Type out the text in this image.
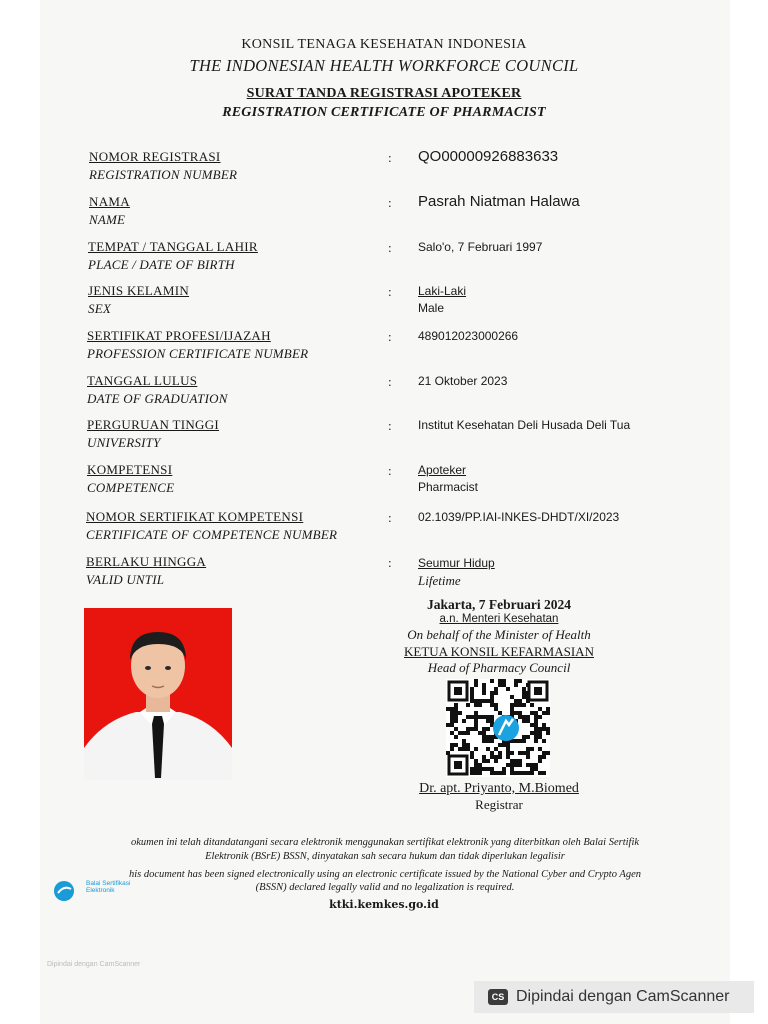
KONSIL TENAGA KESEHATAN INDONESIA
THE INDONESIAN HEALTH WORKFORCE COUNCIL
SURAT TANDA REGISTRASI APOTEKER
REGISTRATION CERTIFICATE OF PHARMACIST
NOMOR REGISTRASI
REGISTRATION NUMBER
: QO00000926883633
NAMA
NAME
: Pasrah Niatman Halawa
TEMPAT / TANGGAL LAHIR
PLACE / DATE OF BIRTH
: Salo'o, 7 Februari 1997
JENIS KELAMIN
SEX
: Laki-Laki
Male
SERTIFIKAT PROFESI/IJAZAH
PROFESSION CERTIFICATE NUMBER
: 489012023000266
TANGGAL LULUS
DATE OF GRADUATION
: 21 Oktober 2023
PERGURUAN TINGGI
UNIVERSITY
: Institut Kesehatan Deli Husada Deli Tua
KOMPETENSI
COMPETENCE
: Apoteker
Pharmacist
NOMOR SERTIFIKAT KOMPETENSI
CERTIFICATE OF COMPETENCE NUMBER
: 02.1039/PP.IAI-INKES-DHDT/XI/2023
BERLAKU HINGGA
VALID UNTIL
: Seumur Hidup
Lifetime
Jakarta, 7 Februari 2024
a.n. Menteri Kesehatan
On behalf of the Minister of Health
KETUA KONSIL KEFARMASIAN
Head of Pharmacy Council
Dr. apt. Priyanto, M.Biomed
Registrar
okumen ini telah ditandatangani secara elektronik menggunakan sertifikat elektronik yang diterbitkan oleh Balai Sertifik
Elektronik (BSrE) BSSN, dinyatakan sah secara hukum dan tidak diperlukan legalisir
his document has been signed electronically using an electronic certificate issued by the National Cyber and Crypto Agen
(BSSN) declared legally valid and no legalization is required.
Balai Sertifikasi Elektronik
ktki.kemkes.go.id
Dipindai dengan CamScanner
CS Dipindai dengan CamScanner
